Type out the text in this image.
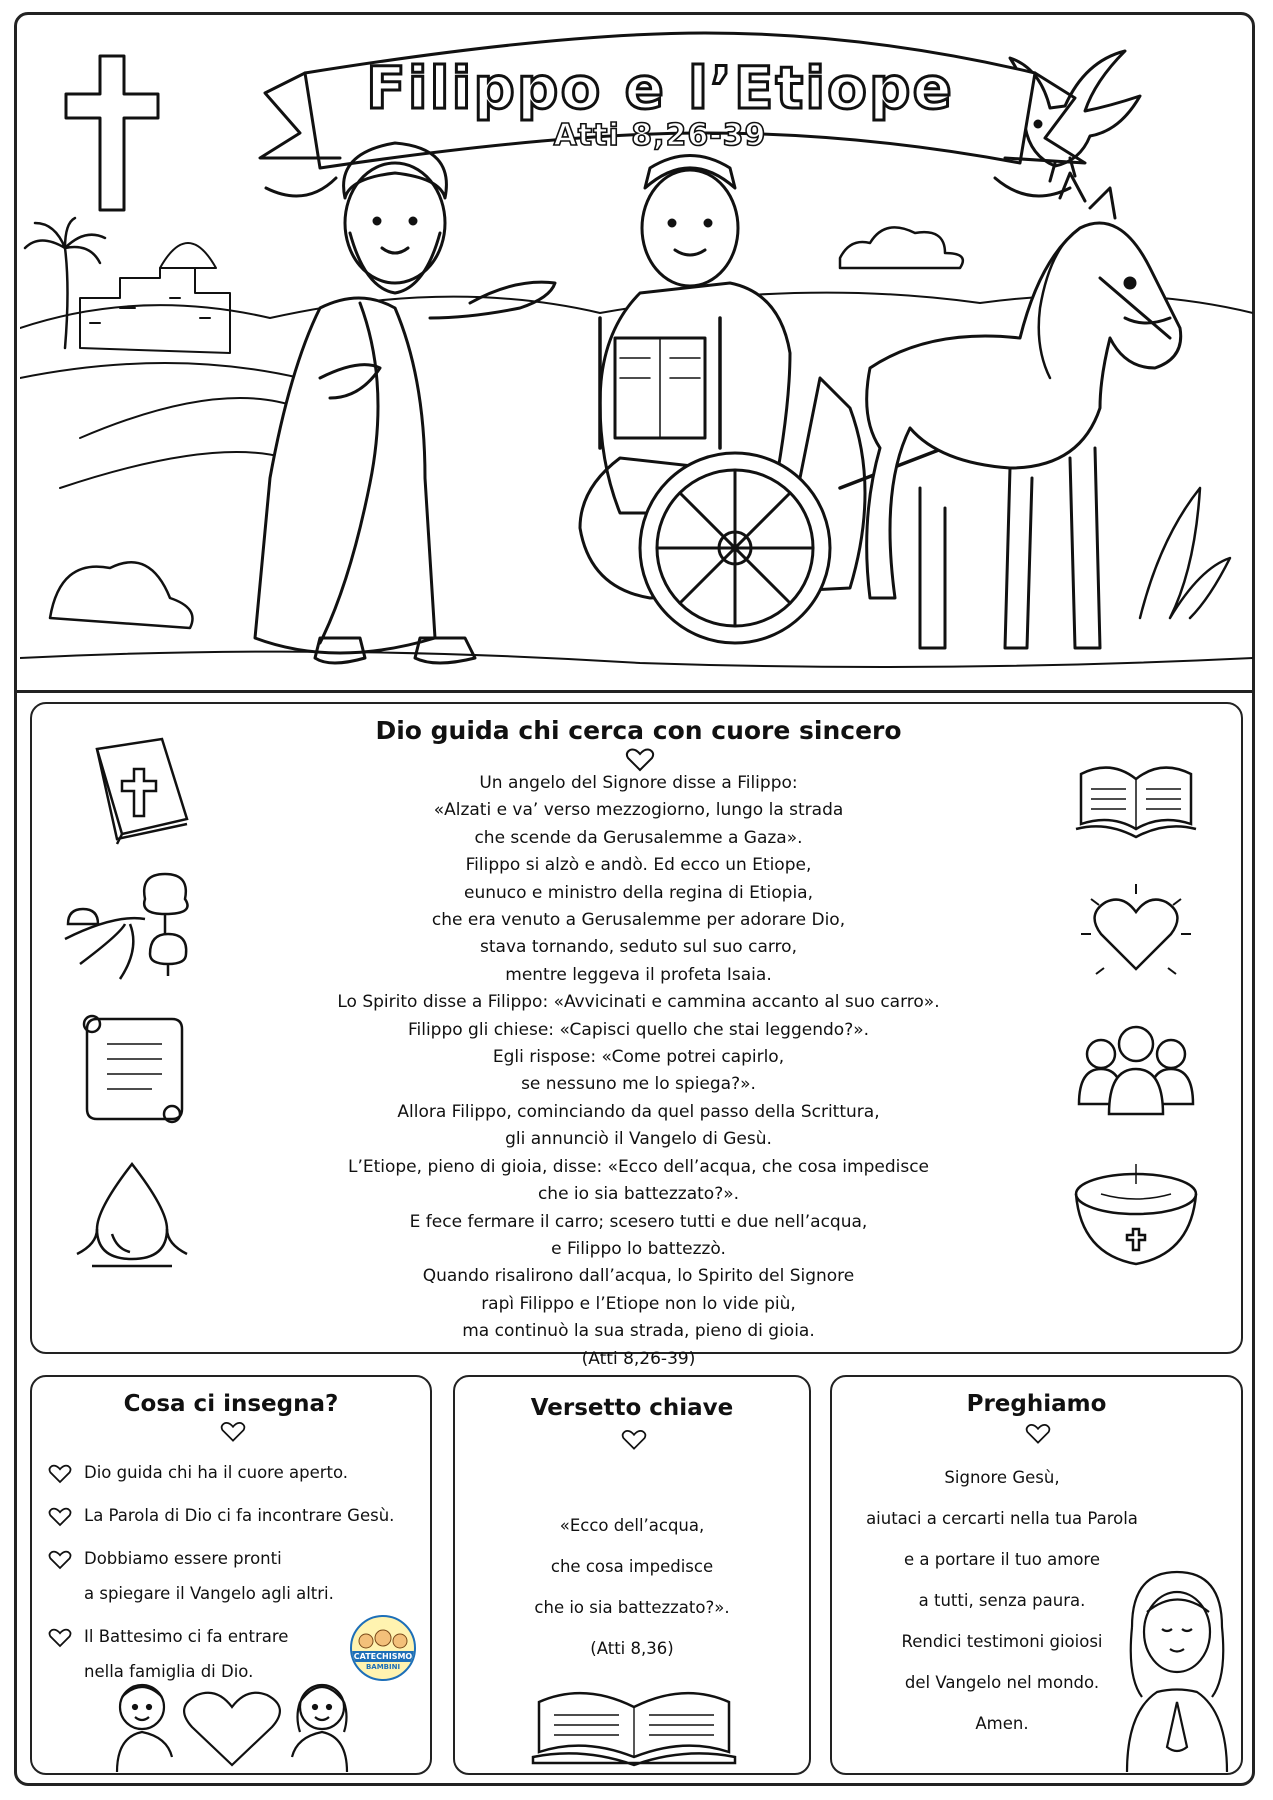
Filippo e l’Etiope
Atti 8,26-39
Dio guida chi cerca con cuore sincero
Un angelo del Signore disse a Filippo:
«Alzati e va’ verso mezzogiorno, lungo la strada
che scende da Gerusalemme a Gaza».
Filippo si alzò e andò. Ed ecco un Etiope,
eunuco e ministro della regina di Etiopia,
che era venuto a Gerusalemme per adorare Dio,
stava tornando, seduto sul suo carro,
mentre leggeva il profeta Isaia.
Lo Spirito disse a Filippo: «Avvicinati e cammina accanto al suo carro».
Filippo gli chiese: «Capisci quello che stai leggendo?».
Egli rispose: «Come potrei capirlo,
se nessuno me lo spiega?».
Allora Filippo, cominciando da quel passo della Scrittura,
gli annunciò il Vangelo di Gesù.
L’Etiope, pieno di gioia, disse: «Ecco dell’acqua, che cosa impedisce
che io sia battezzato?».
E fece fermare il carro; scesero tutti e due nell’acqua,
e Filippo lo battezzò.
Quando risalirono dall’acqua, lo Spirito del Signore
rapì Filippo e l’Etiope non lo vide più,
ma continuò la sua strada, pieno di gioia.
(Atti 8,26-39)
Cosa ci insegna?
Dio guida chi ha il cuore aperto.
La Parola di Dio ci fa incontrare Gesù.
Dobbiamo essere pronti
a spiegare il Vangelo agli altri.
Il Battesimo ci fa entrare
nella famiglia di Dio.
CATECHISMO
BAMBINI
Versetto chiave
«Ecco dell’acqua,
che cosa impedisce
che io sia battezzato?».
(Atti 8,36)
Preghiamo
Signore Gesù,
aiutaci a cercarti nella tua Parola
e a portare il tuo amore
a tutti, senza paura.
Rendici testimoni gioiosi
del Vangelo nel mondo.
Amen.
